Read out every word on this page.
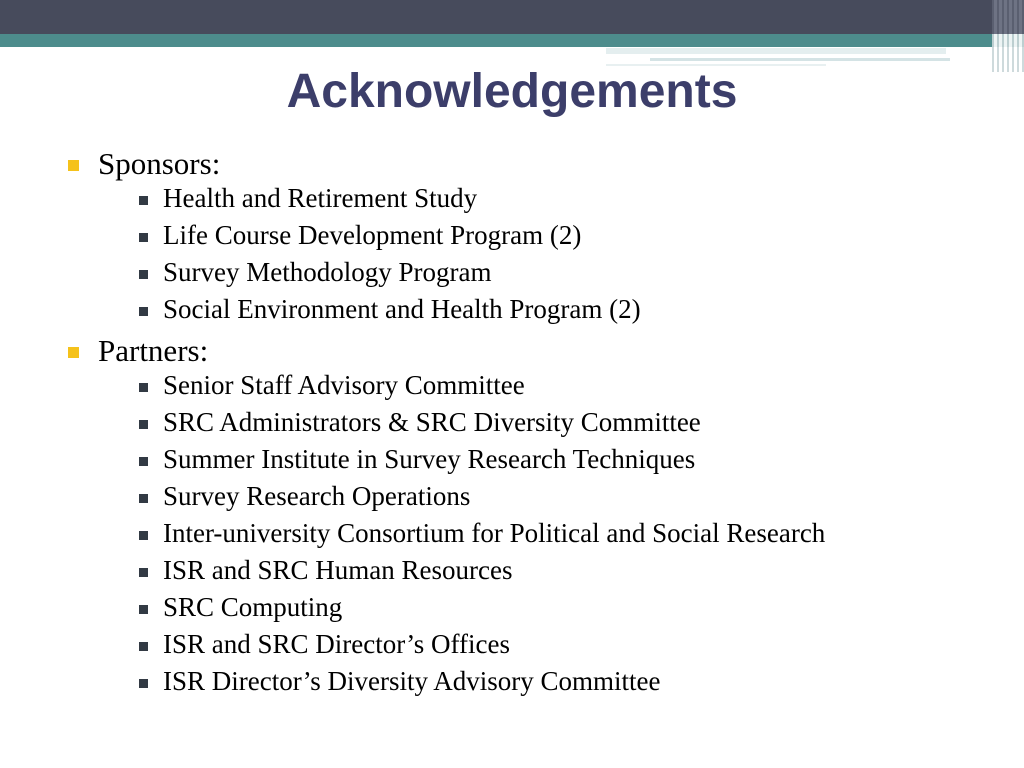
Acknowledgements
Sponsors:
Health and Retirement Study
Life Course Development Program (2)
Survey Methodology Program
Social Environment and Health Program (2)
Partners:
Senior Staff Advisory Committee
SRC Administrators & SRC Diversity Committee
Summer Institute in Survey Research Techniques
Survey Research Operations
Inter-university Consortium for Political and Social Research
ISR and SRC Human Resources
SRC Computing
ISR and SRC Director’s Offices
ISR Director’s Diversity Advisory Committee
